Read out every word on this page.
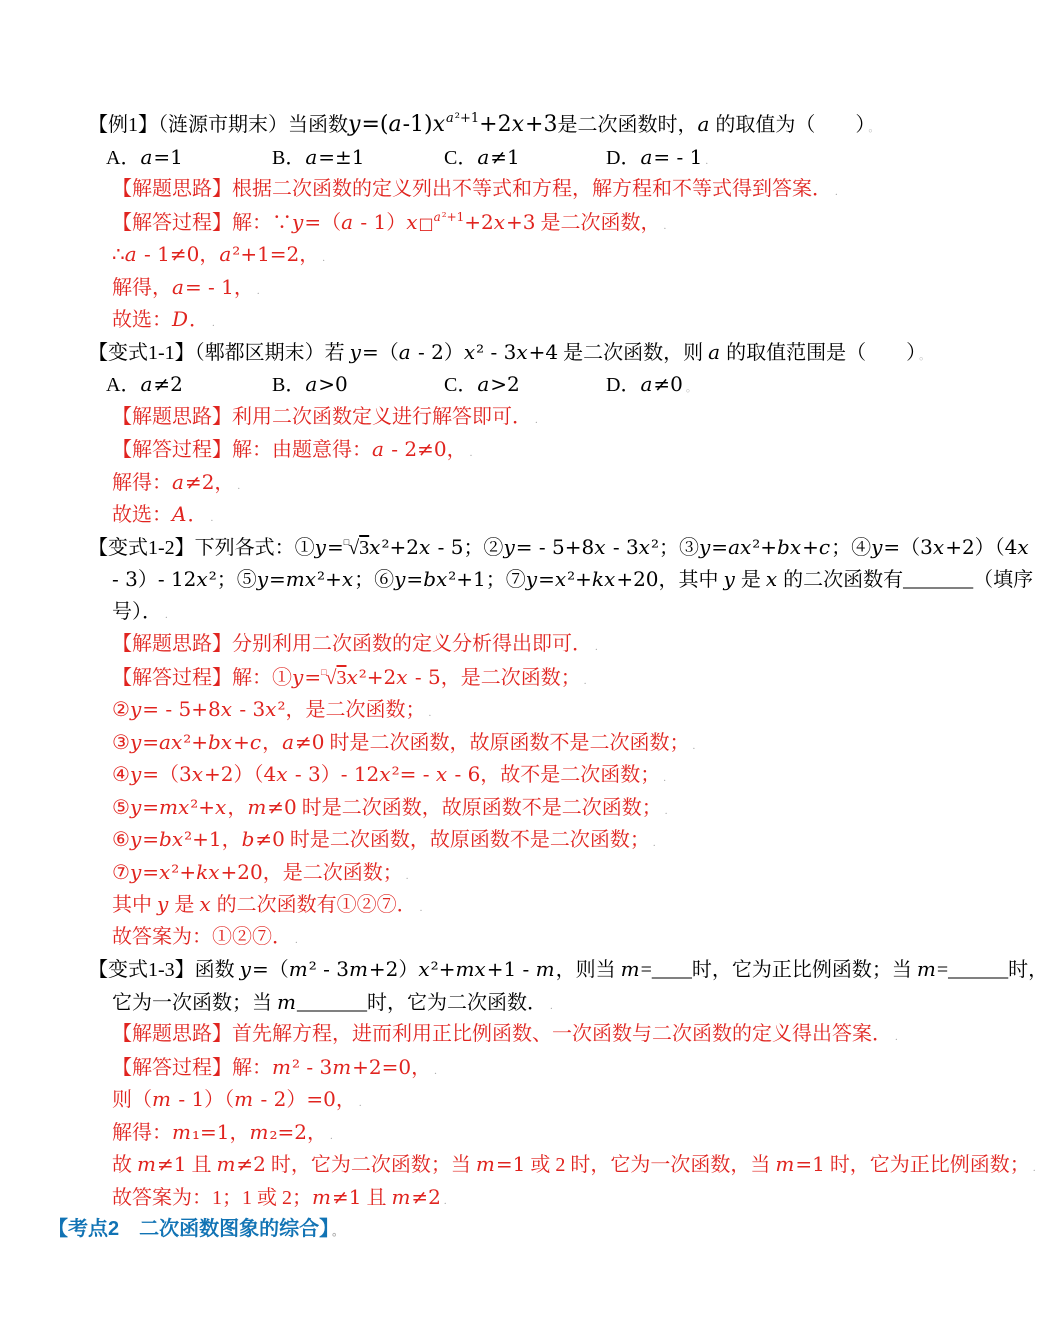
【例1】（涟源市期末）当函数y=(a-1)xa²+1+2x+3是二次函数时，a 的取值为（　　） 。
A．a=1	B．a=±1	C．a≠1	D．a= - 1 .
【解题思路】根据二次函数的定义列出不等式和方程，解方程和不等式得到答案． .
【解答过程】解：∵y=（a - 1）x□a²+1+2x+3 是二次函数， .
∴a - 1≠0，a²+1=2， .
解得，a= - 1， .
故选：D． .
【变式1-1】（郫都区期末）若 y=（a - 2）x² - 3x+4 是二次函数，则 a 的取值范围是（　　） 。
A．a≠2	B．a>0	C．a>2	D．a≠0 。
【解题思路】利用二次函数定义进行解答即可． .
【解答过程】解：由题意得：a - 2≠0， .
解得：a≠2， .
故选：A． .
【变式1-2】下列各式：①y=□√3x²+2x - 5；②y= - 5+8x - 3x²；③y=ax²+bx+c；④y=（3x+2）（4x
- 3）- 12x²；⑤y=mx²+x；⑥y=bx²+1；⑦y=x²+kx+20，其中 y 是 x 的二次函数有_______（填序
号）． .
【解题思路】分别利用二次函数的定义分析得出即可． .
【解答过程】解：①y=□√3x²+2x - 5，是二次函数； .
②y= - 5+8x - 3x²，是二次函数； .
③y=ax²+bx+c，a≠0 时是二次函数，故原函数不是二次函数； .
④y=（3x+2）（4x - 3）- 12x²= - x - 6，故不是二次函数； .
⑤y=mx²+x，m≠0 时是二次函数，故原函数不是二次函数； .
⑥y=bx²+1，b≠0 时是二次函数，故原函数不是二次函数； .
⑦y=x²+kx+20，是二次函数； .
其中 y 是 x 的二次函数有①②⑦． .
故答案为：①②⑦． .
【变式1-3】函数 y=（m² - 3m+2）x²+mx+1 - m，则当 m=____时，它为正比例函数；当 m=______时，
它为一次函数；当 m_______时，它为二次函数． .
【解题思路】首先解方程，进而利用正比例函数、一次函数与二次函数的定义得出答案． .
【解答过程】解：m² - 3m+2=0， .
则（m - 1）（m - 2）=0， .
解得：m₁=1，m₂=2， .
故 m≠1 且 m≠2 时，它为二次函数；当 m=1 或 2 时，它为一次函数，当 m=1 时，它为正比例函数； .
故答案为：1；1 或 2；m≠1 且 m≠2 .
【考点2　二次函数图象的综合】 。
